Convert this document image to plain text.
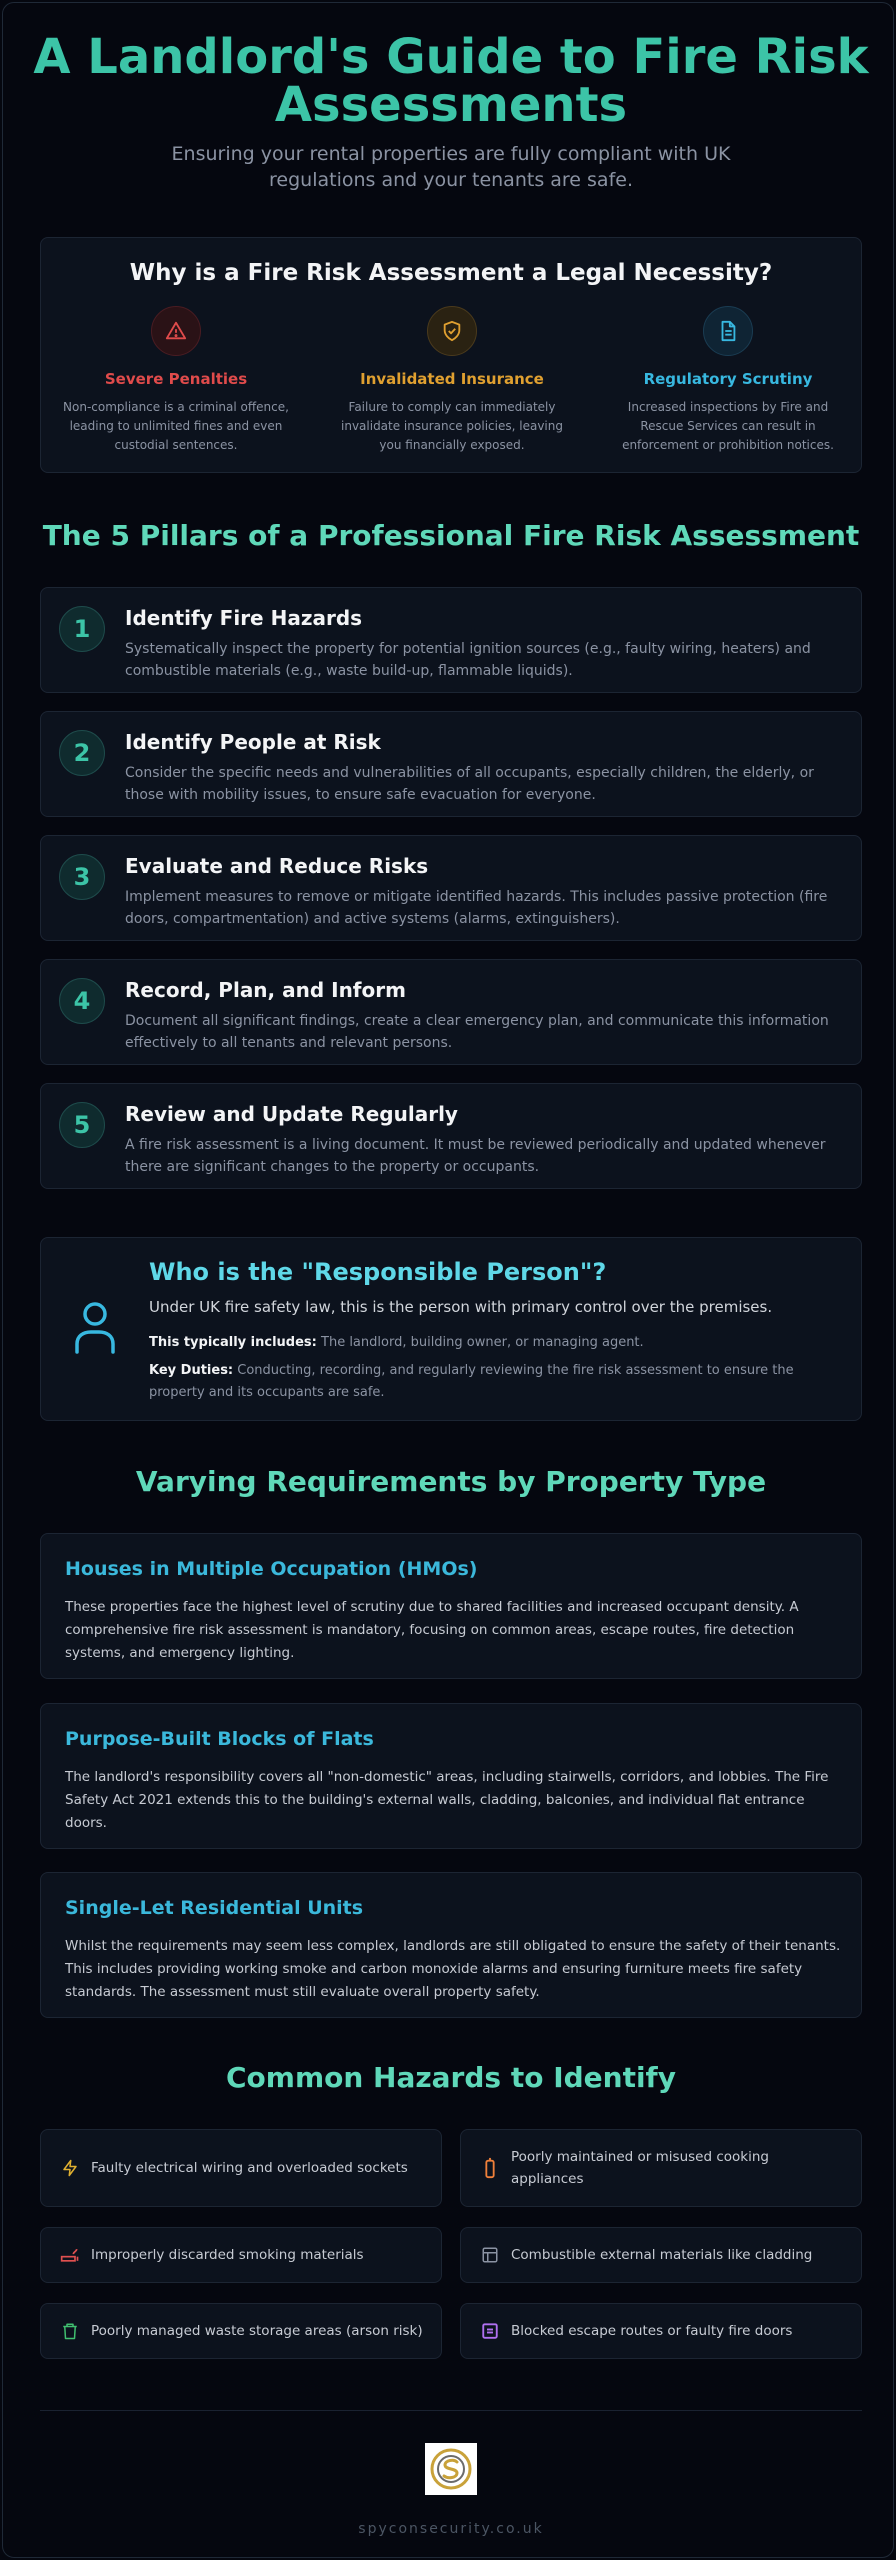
A Landlord's Guide to Fire Risk Assessments

Ensuring your rental properties are fully compliant with UK regulations and your tenants are safe.

Why is a Fire Risk Assessment a Legal Necessity?
Severe Penalties
Non-compliance is a criminal offence, leading to unlimited fines and even custodial sentences.
Invalidated Insurance
Failure to comply can immediately invalidate insurance policies, leaving you financially exposed.
Regulatory Scrutiny
Increased inspections by Fire and Rescue Services can result in enforcement or prohibition notices.
The 5 Pillars of a Professional Fire Risk Assessment
1	Identify Fire Hazards
Systematically inspect the property for potential ignition sources (e.g., faulty wiring, heaters) and combustible materials (e.g., waste build-up, flammable liquids).
2	Identify People at Risk
Consider the specific needs and vulnerabilities of all occupants, especially children, the elderly, or those with mobility issues, to ensure safe evacuation for everyone.
3	Evaluate and Reduce Risks
Implement measures to remove or mitigate identified hazards. This includes passive protection (fire doors, compartmentation) and active systems (alarms, extinguishers).
4	Record, Plan, and Inform
Document all significant findings, create a clear emergency plan, and communicate this information effectively to all tenants and relevant persons.
5	Review and Update Regularly
A fire risk assessment is a living document. It must be reviewed periodically and updated whenever there are significant changes to the property or occupants.
Who is the "Responsible Person"?
Under UK fire safety law, this is the person with primary control over the premises.
This typically includes: The landlord, building owner, or managing agent.
Key Duties: Conducting, recording, and regularly reviewing the fire risk assessment to ensure the property and its occupants are safe.
Varying Requirements by Property Type
Houses in Multiple Occupation (HMOs)
These properties face the highest level of scrutiny due to shared facilities and increased occupant density. A comprehensive fire risk assessment is mandatory, focusing on common areas, escape routes, fire detection systems, and emergency lighting.
Purpose-Built Blocks of Flats
The landlord's responsibility covers all "non-domestic" areas, including stairwells, corridors, and lobbies. The Fire Safety Act 2021 extends this to the building's external walls, cladding, balconies, and individual flat entrance doors.
Single-Let Residential Units
Whilst the requirements may seem less complex, landlords are still obligated to ensure the safety of their tenants. This includes providing working smoke and carbon monoxide alarms and ensuring furniture meets fire safety standards. The assessment must still evaluate overall property safety.
Common Hazards to Identify
Faulty electrical wiring and overloaded sockets
Poorly maintained or misused cooking appliances
Improperly discarded smoking materials	Combustible external materials like cladding
Poorly managed waste storage areas (arson risk)	Blocked escape routes or faulty fire doors
spyconsecurity.co.uk
